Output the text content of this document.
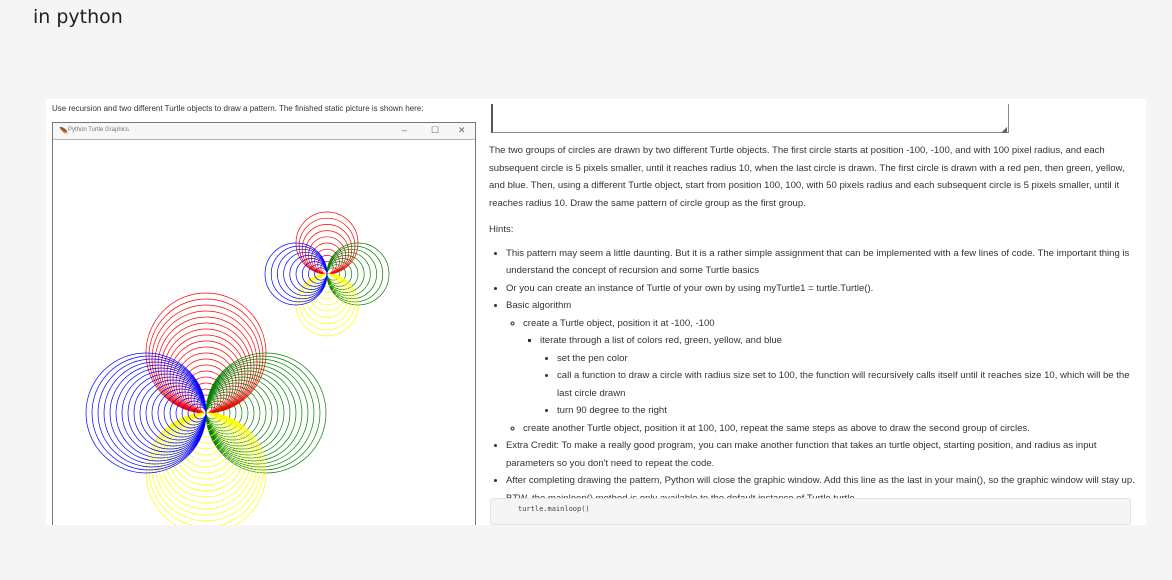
in python
Use recursion and two different Turtle objects to draw a pattern. The finished static picture is shown here:
🪶 Python Turtle Graphics	–	☐ ✕	◢

The two groups of circles are drawn by two different Turtle objects. The first circle starts at position -100, -100, and with 100 pixel radius, and each subsequent circle is 5 pixels smaller, until it reaches radius 10, when the last circle is drawn. The first circle is drawn with a red pen, then green, yellow, and blue. Then, using a different Turtle object, start from position 100, 100, with 50 pixels radius and each subsequent circle is 5 pixels smaller, until it reaches radius 10. Draw the same pattern of circle group as the first group.

Hints:

• This pattern may seem a little daunting. But it is a rather simple assignment that can be implemented with a few lines of code. The important thing is understand the concept of recursion and some Turtle basics
• Or you can create an instance of Turtle of your own by using myTurtle1 = turtle.Turtle().
• Basic algorithm
◦ create a Turtle object, position it at -100, -100
▪ iterate through a list of colors red, green, yellow, and blue
• set the pen color
• call a function to draw a circle with radius size set to 100, the function will recursively calls itself until it reaches size 10, which will be the last circle drawn
• turn 90 degree to the right
◦ create another Turtle object, position it at 100, 100, repeat the same steps as above to draw the second group of circles.
• Extra Credit: To make a really good program, you can make another function that takes an turtle object, starting position, and radius as input parameters so you don't need to repeat the code.
• After completing drawing the pattern, Python will close the graphic window. Add this line as the last in your main(), so the graphic window will stay up.
turtle.mainloop()
